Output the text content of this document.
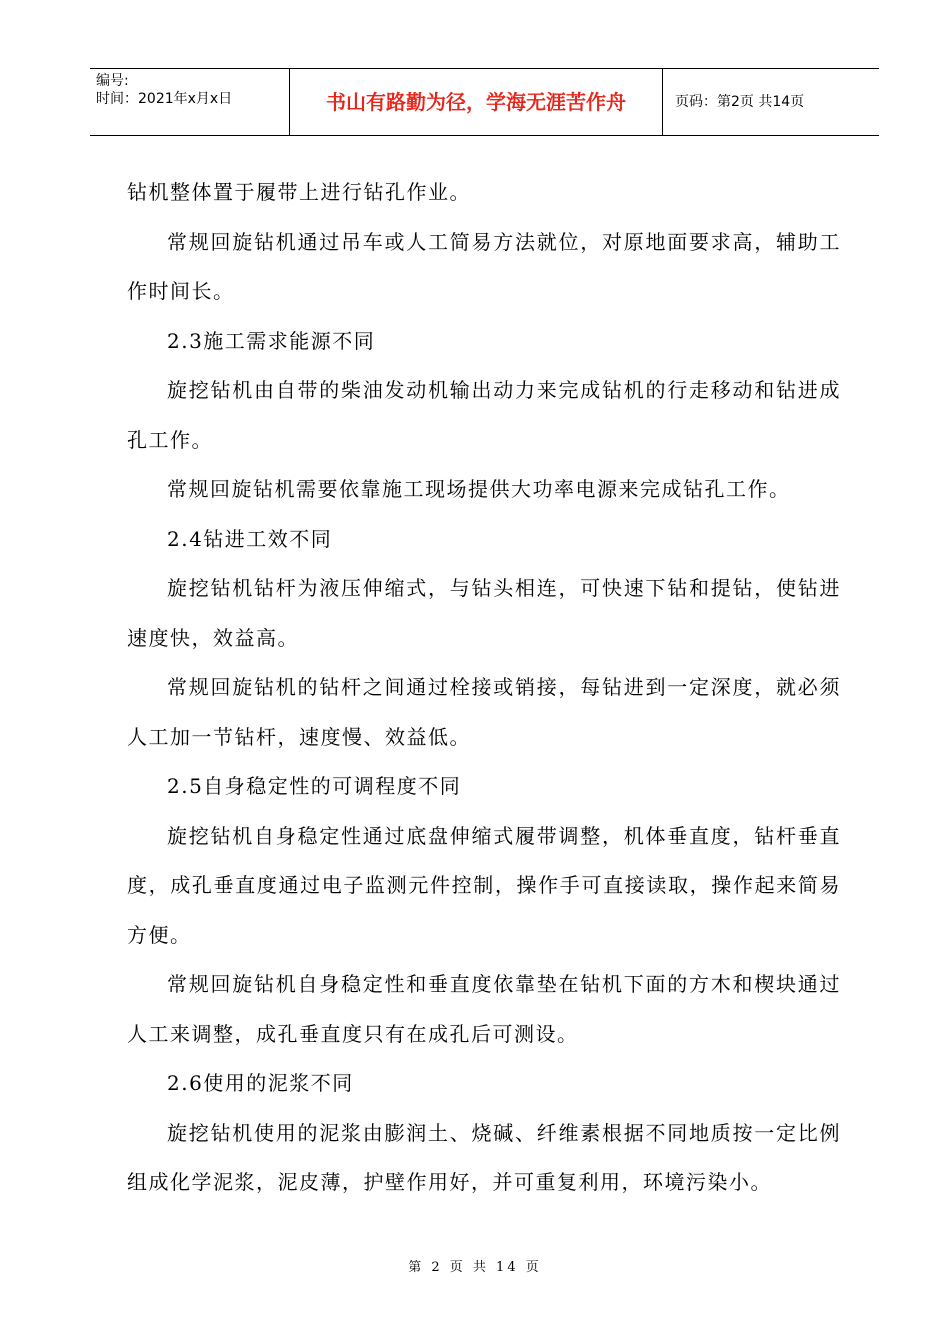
编号:
时间：2021年x月x日	书山有路勤为径，学海无涯苦作舟	页码：第2页 共14页

钻机整体置于履带上进行钻孔作业。

常规回旋钻机通过吊车或人工简易方法就位，对原地面要求高，辅助工作时间长。

2.3施工需求能源不同

旋挖钻机由自带的柴油发动机输出动力来完成钻机的行走移动和钻进成孔工作。

常规回旋钻机需要依靠施工现场提供大功率电源来完成钻孔工作。

2.4钻进工效不同

旋挖钻机钻杆为液压伸缩式，与钻头相连，可快速下钻和提钻，使钻进速度快，效益高。

常规回旋钻机的钻杆之间通过栓接或销接，每钻进到一定深度，就必须人工加一节钻杆，速度慢、效益低。

2.5自身稳定性的可调程度不同

旋挖钻机自身稳定性通过底盘伸缩式履带调整，机体垂直度，钻杆垂直度，成孔垂直度通过电子监测元件控制，操作手可直接读取，操作起来简易方便。

常规回旋钻机自身稳定性和垂直度依靠垫在钻机下面的方木和楔块通过人工来调整，成孔垂直度只有在成孔后可测设。

2.6使用的泥浆不同

旋挖钻机使用的泥浆由膨润土、烧碱、纤维素根据不同地质按一定比例组成化学泥浆，泥皮薄，护壁作用好，并可重复利用，环境污染小。

第 2 页 共 14 页
